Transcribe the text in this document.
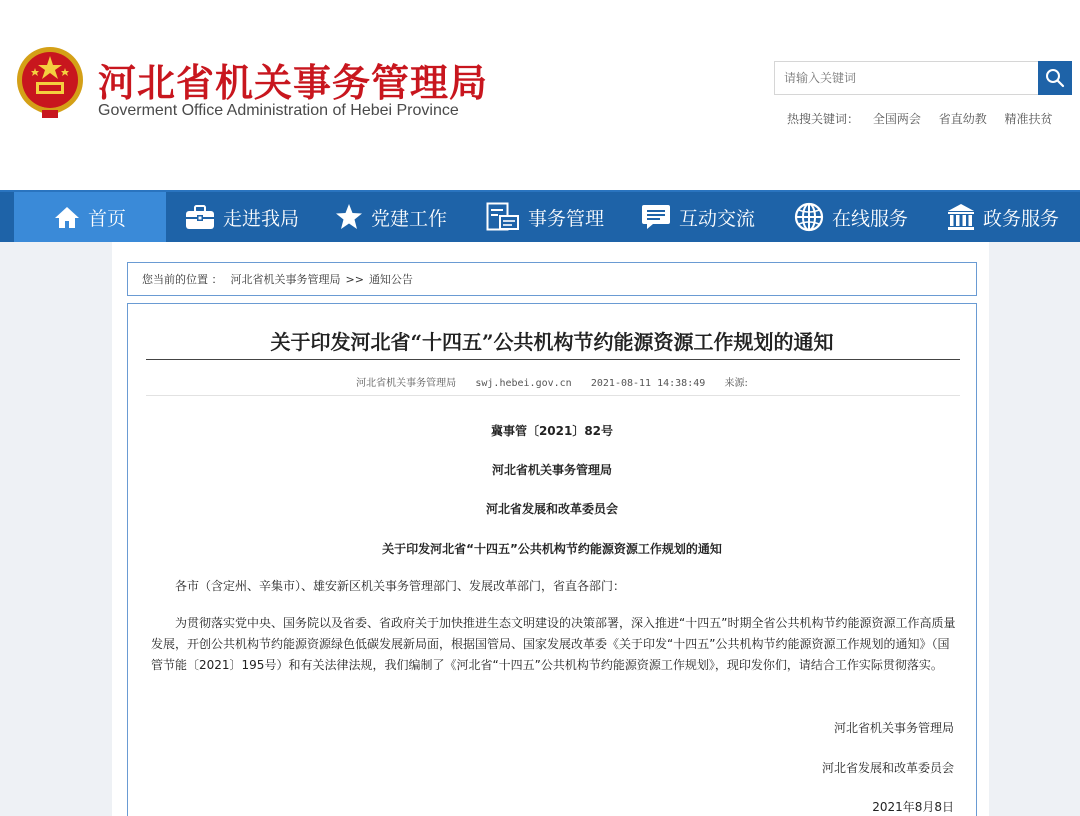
河北省机关事务管理局
Goverment Office Administration of Hebei Province
请输入关键词	热搜关键词： 全国两会 省直幼教 精准扶贫
首页	走进我局	党建工作	事务管理	互动交流	在线服务	政务服务
您当前的位置 ： 河北省机关事务管理局 >> 通知公告
关于印发河北省“十四五”公共机构节约能源资源工作规划的通知
河北省机关事务管理局 swj.hebei.gov.cn 2021-08-11 14:38:49 来源:
冀事管〔2021〕82号
河北省机关事务管理局
河北省发展和改革委员会
关于印发河北省“十四五”公共机构节约能源资源工作规划的通知
各市（含定州、辛集市）、雄安新区机关事务管理部门、发展改革部门，省直各部门：
为贯彻落实党中央、国务院以及省委、省政府关于加快推进生态文明建设的决策部署，深入推进“十四五”时期全省公共机构节约能源资源工作高质量发展，开创公共机构节约能源资源绿色低碳发展新局面，根据国管局、国家发展改革委《关于印发“十四五”公共机构节约能源资源工作规划的通知》（国管节能〔2021〕195号）和有关法律法规，我们编制了《河北省“十四五”公共机构节约能源资源工作规划》，现印发你们，请结合工作实际贯彻落实。
河北省机关事务管理局
河北省发展和改革委员会
2021年8月8日
